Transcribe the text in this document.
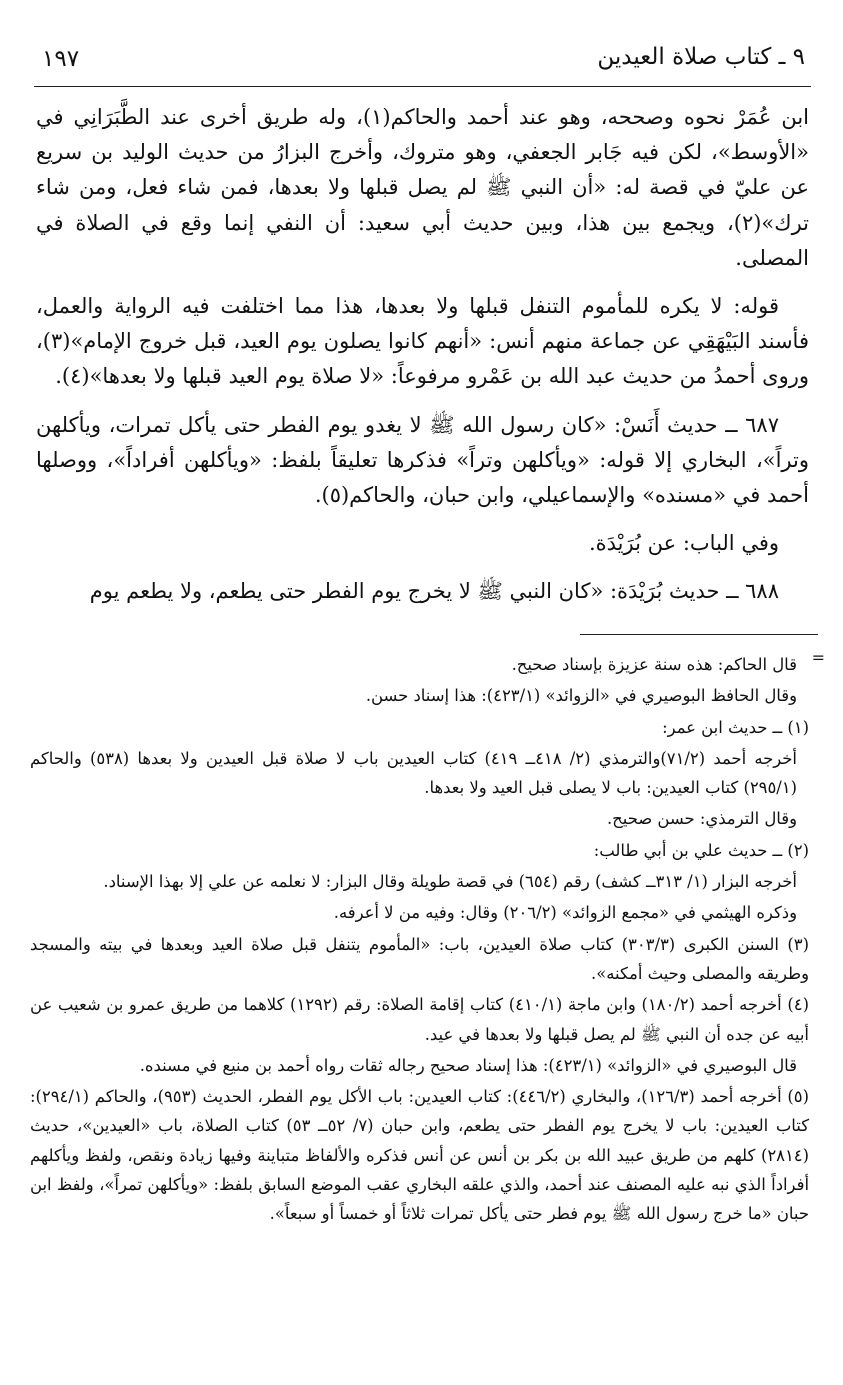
١٩٧	٩ ـ كتاب صلاة العيدين

ابن عُمَرْ نحوه وصححه، وهو عند أحمد والحاكم(١)، وله طريق أخرى عند الطَّبَرَانِي في «الأوسط»، لكن فيه جَابر الجعفي، وهو متروك، وأخرج البزارُ من حديث الوليد بن سريع عن عليّ في قصة له: «أن النبي ﷺ لم يصل قبلها ولا بعدها، فمن شاء فعل، ومن شاء ترك»(٢)، ويجمع بين هذا، وبين حديث أبي سعيد: أن النفي إنما وقع في الصلاة في المصلى.

قوله: لا يكره للمأموم التنفل قبلها ولا بعدها، هذا مما اختلفت فيه الرواية والعمل، فأسند البَيْهَقِي عن جماعة منهم أنس: «أنهم كانوا يصلون يوم العيد، قبل خروج الإمام»(٣)، وروى أحمدُ من حديث عبد الله بن عَمْرو مرفوعاً: «لا صلاة يوم العيد قبلها ولا بعدها»(٤).

٦٨٧ ــ حديث أَنَسْ: «كان رسول الله ﷺ لا يغدو يوم الفطر حتى يأكل تمرات، ويأكلهن وتراً»، البخاري إلا قوله: «ويأكلهن وتراً» فذكرها تعليقاً بلفظ: «ويأكلهن أفراداً»، ووصلها أحمد في «مسنده» والإسماعيلي، وابن حبان، والحاكم(٥).

وفي الباب: عن بُرَيْدَة.

٦٨٨ ــ حديث بُرَيْدَة: «كان النبي ﷺ لا يخرج يوم الفطر حتى يطعم، ولا يطعم يوم

=

قال الحاكم: هذه سنة عزيزة بإسناد صحيح.

وقال الحافظ البوصيري في «الزوائد» (٤٢٣/١): هذا إسناد حسن.

(١) ــ حديث ابن عمر:

أخرجه أحمد (٧١/٢)والترمذي (٢/ ٤١٨ــ ٤١٩) كتاب العيدين باب لا صلاة قبل العيدين ولا بعدها (٥٣٨) والحاكم (٢٩٥/١) كتاب العيدين: باب لا يصلى قبل العيد ولا بعدها.

وقال الترمذي: حسن صحيح.

(٢) ــ حديث علي بن أبي طالب:

أخرجه البزار (١/ ٣١٣ــ كشف) رقم (٦٥٤) في قصة طويلة وقال البزار: لا نعلمه عن علي إلا بهذا الإسناد.

وذكره الهيثمي في «مجمع الزوائد» (٢٠٦/٢) وقال: وفيه من لا أعرفه.

(٣) السنن الكبرى (٣٠٣/٣) كتاب صلاة العيدين، باب: «المأموم يتنفل قبل صلاة العيد وبعدها في بيته والمسجد وطريقه والمصلى وحيث أمكنه».

(٤) أخرجه أحمد (١٨٠/٢) وابن ماجة (٤١٠/١) كتاب إقامة الصلاة: رقم (١٢٩٢) كلاهما من طريق عمرو بن شعيب عن أبيه عن جده أن النبي ﷺ لم يصل قبلها ولا بعدها في عيد.

قال البوصيري في «الزوائد» (٤٢٣/١): هذا إسناد صحيح رجاله ثقات رواه أحمد بن منيع في مسنده.

(٥) أخرجه أحمد (١٢٦/٣)، والبخاري (٤٤٦/٢): كتاب العيدين: باب الأكل يوم الفطر، الحديث (٩٥٣)، والحاكم (٢٩٤/١): كتاب العيدين: باب لا يخرج يوم الفطر حتى يطعم، وابن حبان (٧/ ٥٢ــ ٥٣) كتاب الصلاة، باب «العيدين»، حديث (٢٨١٤) كلهم من طريق عبيد الله بن بكر بن أنس عن أنس فذكره والألفاظ متباينة وفيها زيادة ونقص، ولفظ ويأكلهم أفراداً الذي نبه عليه المصنف عند أحمد، والذي علقه البخاري عقب الموضع السابق بلفظ: «ويأكلهن تمراً»، ولفظ ابن حبان «ما خرج رسول الله ﷺ يوم فطر حتى يأكل تمرات ثلاثاً أو خمساً أو سبعاً».
